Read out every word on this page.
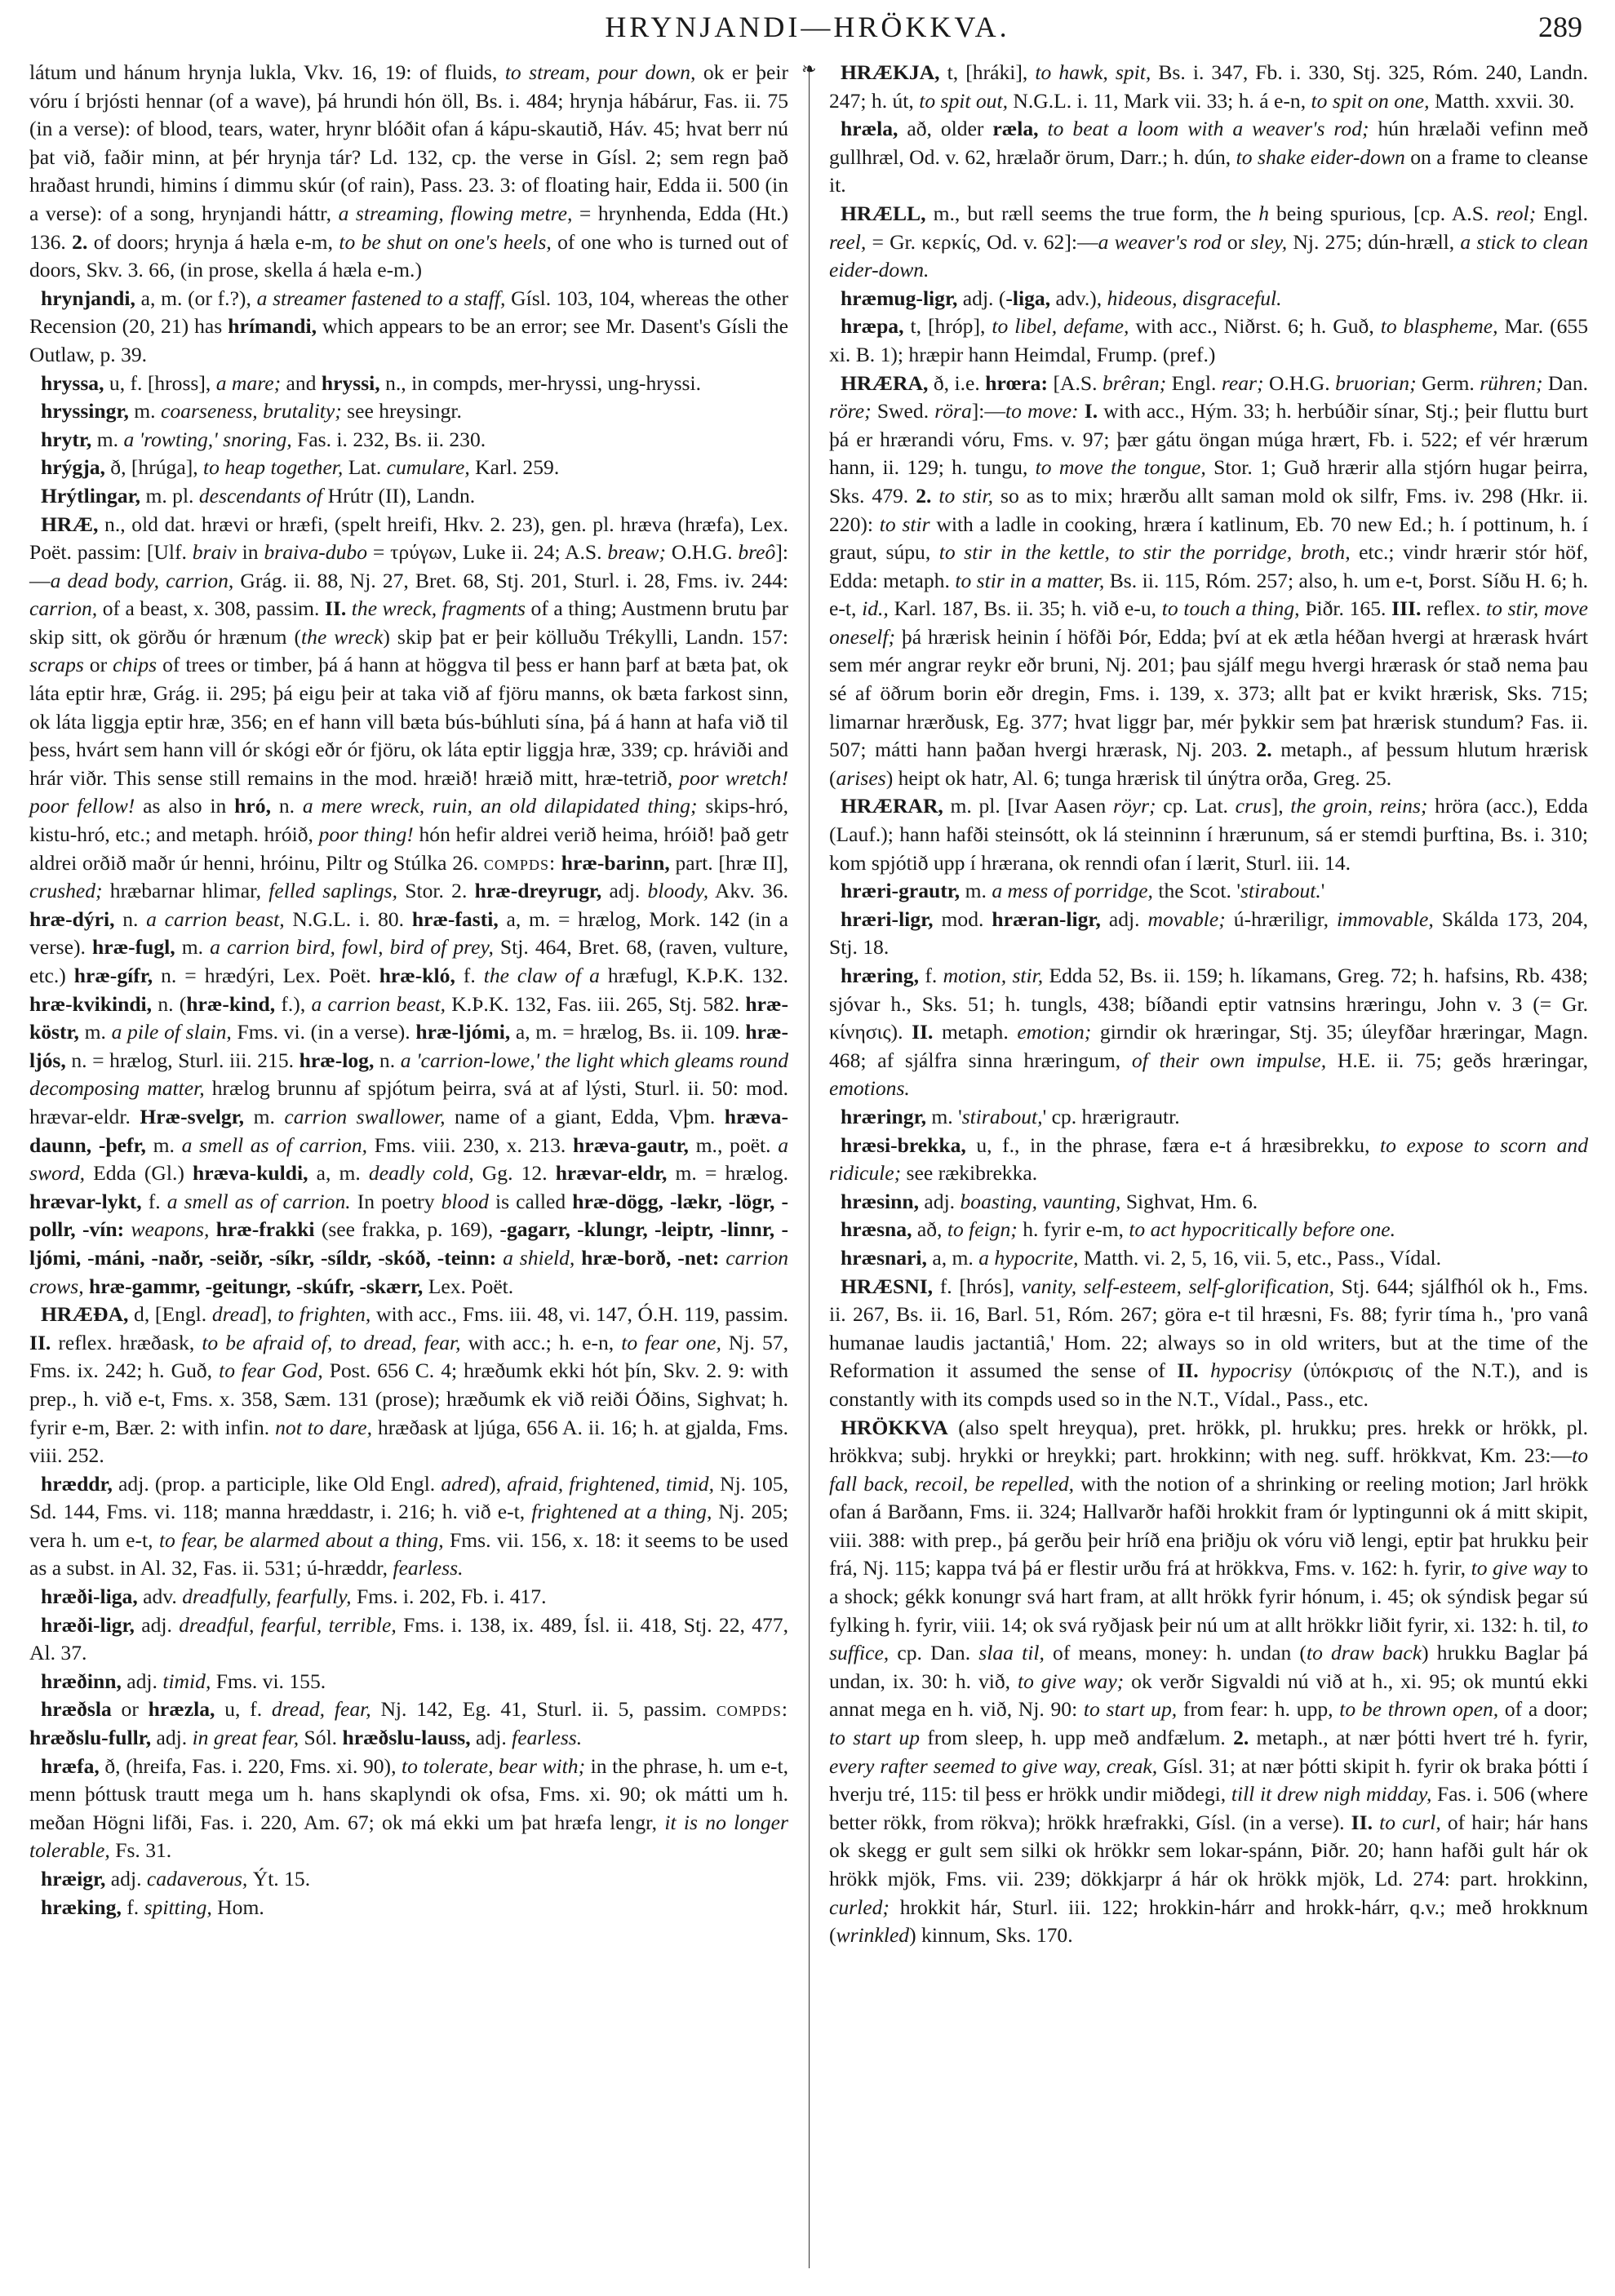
HRYNJANDI—HRÖKKVA.	289

látum und hánum hrynja lukla, Vkv. 16, 19: of fluids, to stream, pour down, ok er þeir vóru í brjósti hennar (of a wave), þá hrundi hón öll, Bs. i. 484; hrynja hábárur, Fas. ii. 75 (in a verse): of blood, tears, water, hrynr blóðit ofan á kápu-skautið, Háv. 45; hvat berr nú þat við, faðir minn, at þér hrynja tár? Ld. 132, cp. the verse in Gísl. 2; sem regn það hraðast hrundi, himins í dimmu skúr (of rain), Pass. 23. 3: of floating hair, Edda ii. 500 (in a verse): of a song, hrynjandi háttr, a streaming, flowing metre, = hrynhenda, Edda (Ht.) 136. 2. of doors; hrynja á hæla e-m, to be shut on one's heels, of one who is turned out of doors, Skv. 3. 66, (in prose, skella á hæla e-m.)

hrynjandi, a, m. (or f.?), a streamer fastened to a staff, Gísl. 103, 104, whereas the other Recension (20, 21) has hrímandi, which appears to be an error; see Mr. Dasent's Gísli the Outlaw, p. 39.

hryssa, u, f. [hross], a mare; and hryssi, n., in compds, mer-hryssi, ung-hryssi.

hryssingr, m. coarseness, brutality; see hreysingr.

hrytr, m. a 'rowting,' snoring, Fas. i. 232, Bs. ii. 230.

hrýgja, ð, [hrúga], to heap together, Lat. cumulare, Karl. 259.

Hrýtlingar, m. pl. descendants of Hrútr (II), Landn.

HRÆ, n., old dat. hrævi or hræfi, (spelt hreifi, Hkv. 2. 23), gen. pl. hræva (hræfa), Lex. Poët. passim: [Ulf. braiv in braiva-dubo = τρύγων, Luke ii. 24; A.S. breaw; O.H.G. breô]:—a dead body, carrion, Grág. ii. 88, Nj. 27, Bret. 68, Stj. 201, Sturl. i. 28, Fms. iv. 244: carrion, of a beast, x. 308, passim. II. the wreck, fragments of a thing; Austmenn brutu þar skip sitt, ok görðu ór hrænum (the wreck) skip þat er þeir kölluðu Trékylli, Landn. 157: scraps or chips of trees or timber, þá á hann at höggva til þess er hann þarf at bæta þat, ok láta eptir hræ, Grág. ii. 295; þá eigu þeir at taka við af fjöru manns, ok bæta farkost sinn, ok láta liggja eptir hræ, 356; en ef hann vill bæta bús-búhluti sína, þá á hann at hafa við til þess, hvárt sem hann vill ór skógi eðr ór fjöru, ok láta eptir liggja hræ, 339; cp. hráviði and hrár viðr. This sense still remains in the mod. hræið! hræið mitt, hræ-tetrið, poor wretch! poor fellow! as also in hró, n. a mere wreck, ruin, an old dilapidated thing; skips-hró, kistu-hró, etc.; and metaph. hróið, poor thing! hón hefir aldrei verið heima, hróið! það getr aldrei orðið maðr úr henni, hróinu, Piltr og Stúlka 26. compds: hræ-barinn, part. [hræ II], crushed; hræbarnar hlimar, felled saplings, Stor. 2. hræ-dreyrugr, adj. bloody, Akv. 36. hræ-dýri, n. a carrion beast, N.G.L. i. 80. hræ-fasti, a, m. = hrælog, Mork. 142 (in a verse). hræ-fugl, m. a carrion bird, fowl, bird of prey, Stj. 464, Bret. 68, (raven, vulture, etc.) hræ-gífr, n. = hrædýri, Lex. Poët. hræ-kló, f. the claw of a hræfugl, K.Þ.K. 132. hræ-kvikindi, n. (hræ-kind, f.), a carrion beast, K.Þ.K. 132, Fas. iii. 265, Stj. 582. hræ-köstr, m. a pile of slain, Fms. vi. (in a verse). hræ-ljómi, a, m. = hrælog, Bs. ii. 109. hræ-ljós, n. = hrælog, Sturl. iii. 215. hræ-log, n. a 'carrion-lowe,' the light which gleams round decomposing matter, hrælog brunnu af spjótum þeirra, svá at af lýsti, Sturl. ii. 50: mod. hrævar-eldr. Hræ-svelgr, m. carrion swallower, name of a giant, Edda, Vþm. hræva-daunn, -þefr, m. a smell as of carrion, Fms. viii. 230, x. 213. hræva-gautr, m., poët. a sword, Edda (Gl.) hræva-kuldi, a, m. deadly cold, Gg. 12. hrævar-eldr, m. = hrælog. hrævar-lykt, f. a smell as of carrion. In poetry blood is called hræ-dögg, -lækr, -lögr, -pollr, -vín: weapons, hræ-frakki (see frakka, p. 169), -gagarr, -klungr, -leiptr, -linnr, -ljómi, -máni, -naðr, -seiðr, -síkr, -síldr, -skóð, -teinn: a shield, hræ-borð, -net: carrion crows, hræ-gammr, -geitungr, -skúfr, -skærr, Lex. Poët.

HRÆÐA, d, [Engl. dread], to frighten, with acc., Fms. iii. 48, vi. 147, Ó.H. 119, passim. II. reflex. hræðask, to be afraid of, to dread, fear, with acc.; h. e-n, to fear one, Nj. 57, Fms. ix. 242; h. Guð, to fear God, Post. 656 C. 4; hræðumk ekki hót þín, Skv. 2. 9: with prep., h. við e-t, Fms. x. 358, Sæm. 131 (prose); hræðumk ek við reiði Óðins, Sighvat; h. fyrir e-m, Bær. 2: with infin. not to dare, hræðask at ljúga, 656 A. ii. 16; h. at gjalda, Fms. viii. 252.

hræddr, adj. (prop. a participle, like Old Engl. adred), afraid, frightened, timid, Nj. 105, Sd. 144, Fms. vi. 118; manna hræddastr, i. 216; h. við e-t, frightened at a thing, Nj. 205; vera h. um e-t, to fear, be alarmed about a thing, Fms. vii. 156, x. 18: it seems to be used as a subst. in Al. 32, Fas. ii. 531; ú-hræddr, fearless.

hræði-liga, adv. dreadfully, fearfully, Fms. i. 202, Fb. i. 417.

hræði-ligr, adj. dreadful, fearful, terrible, Fms. i. 138, ix. 489, Ísl. ii. 418, Stj. 22, 477, Al. 37.

hræðinn, adj. timid, Fms. vi. 155.

hræðsla or hræzla, u, f. dread, fear, Nj. 142, Eg. 41, Sturl. ii. 5, passim. compds: hræðslu-fullr, adj. in great fear, Sól. hræðslu-lauss, adj. fearless.

hræfa, ð, (hreifa, Fas. i. 220, Fms. xi. 90), to tolerate, bear with; in the phrase, h. um e-t, menn þóttusk trautt mega um h. hans skaplyndi ok ofsa, Fms. xi. 90; ok mátti um h. meðan Högni lifði, Fas. i. 220, Am. 67; ok má ekki um þat hræfa lengr, it is no longer tolerable, Fs. 31.

hræigr, adj. cadaverous, Ýt. 15.

hræking, f. spitting, Hom.

❧	HRÆKJA, t, [hráki], to hawk, spit, Bs. i. 347, Fb. i. 330, Stj. 325, Róm. 240, Landn. 247; h. út, to spit out, N.G.L. i. 11, Mark vii. 33; h. á e-n, to spit on one, Matth. xxvii. 30.

hræla, að, older ræla, to beat a loom with a weaver's rod; hún hrælaði vefinn með gullhræl, Od. v. 62, hrælaðr örum, Darr.; h. dún, to shake eider-down on a frame to cleanse it.

HRÆLL, m., but ræll seems the true form, the h being spurious, [cp. A.S. reol; Engl. reel, = Gr. κερκίς, Od. v. 62]:—a weaver's rod or sley, Nj. 275; dún-hræll, a stick to clean eider-down.

hræmug-ligr, adj. (-liga, adv.), hideous, disgraceful.

hræpa, t, [hróp], to libel, defame, with acc., Niðrst. 6; h. Guð, to blaspheme, Mar. (655 xi. B. 1); hræpir hann Heimdal, Frump. (pref.)

HRÆRA, ð, i.e. hrœra: [A.S. brêran; Engl. rear; O.H.G. bruorian; Germ. rühren; Dan. röre; Swed. röra]:—to move: I. with acc., Hým. 33; h. herbúðir sínar, Stj.; þeir fluttu burt þá er hrærandi vóru, Fms. v. 97; þær gátu öngan múga hrært, Fb. i. 522; ef vér hrærum hann, ii. 129; h. tungu, to move the tongue, Stor. 1; Guð hrærir alla stjórn hugar þeirra, Sks. 479. 2. to stir, so as to mix; hrærðu allt saman mold ok silfr, Fms. iv. 298 (Hkr. ii. 220): to stir with a ladle in cooking, hræra í katlinum, Eb. 70 new Ed.; h. í pottinum, h. í graut, súpu, to stir in the kettle, to stir the porridge, broth, etc.; vindr hrærir stór höf, Edda: metaph. to stir in a matter, Bs. ii. 115, Róm. 257; also, h. um e-t, Þorst. Síðu H. 6; h. e-t, id., Karl. 187, Bs. ii. 35; h. við e-u, to touch a thing, Þiðr. 165. III. reflex. to stir, move oneself; þá hrærisk heinin í höfði Þór, Edda; því at ek ætla héðan hvergi at hrærask hvárt sem mér angrar reykr eðr bruni, Nj. 201; þau sjálf megu hvergi hrærask ór stað nema þau sé af öðrum borin eðr dregin, Fms. i. 139, x. 373; allt þat er kvikt hrærisk, Sks. 715; limarnar hrærðusk, Eg. 377; hvat liggr þar, mér þykkir sem þat hrærisk stundum? Fas. ii. 507; mátti hann þaðan hvergi hrærask, Nj. 203. 2. metaph., af þessum hlutum hrærisk (arises) heipt ok hatr, Al. 6; tunga hrærisk til únýtra orða, Greg. 25.

HRÆRAR, m. pl. [Ivar Aasen röyr; cp. Lat. crus], the groin, reins; hröra (acc.), Edda (Lauf.); hann hafði steinsótt, ok lá steinninn í hrærunum, sá er stemdi þurftina, Bs. i. 310; kom spjótið upp í hrærana, ok renndi ofan í lærit, Sturl. iii. 14.

hræri-grautr, m. a mess of porridge, the Scot. 'stirabout.'

hræri-ligr, mod. hræran-ligr, adj. movable; ú-hræriligr, immovable, Skálda 173, 204, Stj. 18.

hræring, f. motion, stir, Edda 52, Bs. ii. 159; h. líkamans, Greg. 72; h. hafsins, Rb. 438; sjóvar h., Sks. 51; h. tungls, 438; bíðandi eptir vatnsins hræringu, John v. 3 (= Gr. κίνησις). II. metaph. emotion; girndir ok hræringar, Stj. 35; úleyfðar hræringar, Magn. 468; af sjálfra sinna hræringum, of their own impulse, H.E. ii. 75; geðs hræringar, emotions.

hræringr, m. 'stirabout,' cp. hrærigrautr.

hræsi-brekka, u, f., in the phrase, færa e-t á hræsibrekku, to expose to scorn and ridicule; see rækibrekka.

hræsinn, adj. boasting, vaunting, Sighvat, Hm. 6.

hræsna, að, to feign; h. fyrir e-m, to act hypocritically before one.

hræsnari, a, m. a hypocrite, Matth. vi. 2, 5, 16, vii. 5, etc., Pass., Vídal.

HRÆSNI, f. [hrós], vanity, self-esteem, self-glorification, Stj. 644; sjálfhól ok h., Fms. ii. 267, Bs. ii. 16, Barl. 51, Róm. 267; göra e-t til hræsni, Fs. 88; fyrir tíma h., 'pro vanâ humanae laudis jactantiâ,' Hom. 22; always so in old writers, but at the time of the Reformation it assumed the sense of II. hypocrisy (ὑπόκρισις of the N.T.), and is constantly with its compds used so in the N.T., Vídal., Pass., etc.

HRÖKKVA (also spelt hreyqua), pret. hrökk, pl. hrukku; pres. hrekk or hrökk, pl. hrökkva; subj. hrykki or hreykki; part. hrokkinn; with neg. suff. hrökkvat, Km. 23:—to fall back, recoil, be repelled, with the notion of a shrinking or reeling motion; Jarl hrökk ofan á Barðann, Fms. ii. 324; Hallvarðr hafði hrokkit fram ór lyptingunni ok á mitt skipit, viii. 388: with prep., þá gerðu þeir hríð ena þriðju ok vóru við lengi, eptir þat hrukku þeir frá, Nj. 115; kappa tvá þá er flestir urðu frá at hrökkva, Fms. v. 162: h. fyrir, to give way to a shock; gékk konungr svá hart fram, at allt hrökk fyrir hónum, i. 45; ok sýndisk þegar sú fylking h. fyrir, viii. 14; ok svá ryðjask þeir nú um at allt hrökkr liðit fyrir, xi. 132: h. til, to suffice, cp. Dan. slaa til, of means, money: h. undan (to draw back) hrukku Baglar þá undan, ix. 30: h. við, to give way; ok verðr Sigvaldi nú við at h., xi. 95; ok muntú ekki annat mega en h. við, Nj. 90: to start up, from fear: h. upp, to be thrown open, of a door; to start up from sleep, h. upp með andfælum. 2. metaph., at nær þótti hvert tré h. fyrir, every rafter seemed to give way, creak, Gísl. 31; at nær þótti skipit h. fyrir ok braka þótti í hverju tré, 115: til þess er hrökk undir miðdegi, till it drew nigh midday, Fas. i. 506 (where better rökk, from rökva); hrökk hræfrakki, Gísl. (in a verse). II. to curl, of hair; hár hans ok skegg er gult sem silki ok hrökkr sem lokar-spánn, Þiðr. 20; hann hafði gult hár ok hrökk mjök, Fms. vii. 239; dökkjarpr á hár ok hrökk mjök, Ld. 274: part. hrokkinn, curled; hrokkit hár, Sturl. iii. 122; hrokkin-hárr and hrokk-hárr, q.v.; með hrokknum (wrinkled) kinnum, Sks. 170.
